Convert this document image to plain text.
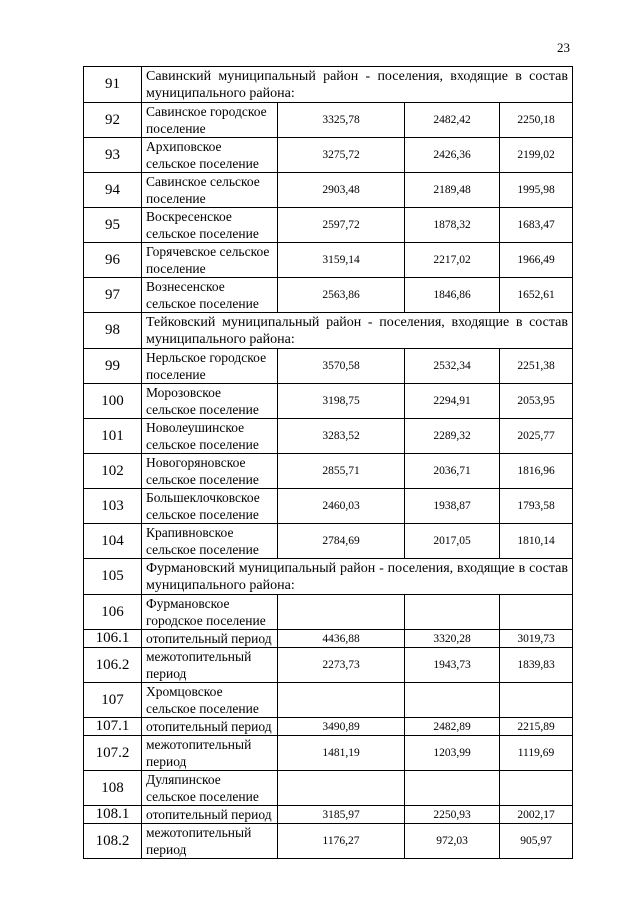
23
91	Савинский муниципальный район - поселения, входящие в состав муниципального района:			
92	Савинское городское поселение	3325,78	2482,42	2250,18
93	Архиповское сельское поселение	3275,72	2426,36	2199,02
94	Савинское сельское поселение	2903,48	2189,48	1995,98
95	Воскресенское сельское поселение	2597,72	1878,32	1683,47
96	Горячевское сельское поселение	3159,14	2217,02	1966,49
97	Вознесенское сельское поселение	2563,86	1846,86	1652,61
98	Тейковский муниципальный район - поселения, входящие в состав муниципального района:			
99	Нерльское городское поселение	3570,58	2532,34	2251,38
100	Морозовское сельское поселение	3198,75	2294,91	2053,95
101	Новолеушинское сельское поселение	3283,52	2289,32	2025,77
102	Новогоряновское сельское поселение	2855,71	2036,71	1816,96
103	Большеклочковское сельское поселение	2460,03	1938,87	1793,58
104	Крапивновское сельское поселение	2784,69	2017,05	1810,14
105	Фурмановский муниципальный район - поселения, входящие в состав муниципального района:			
106	Фурмановское городское поселение			
106.1	отопительный период	4436,88	3320,28	3019,73
106.2	межотопительный период	2273,73	1943,73	1839,83
107	Хромцовское сельское поселение			
107.1	отопительный период	3490,89	2482,89	2215,89
107.2	межотопительный период	1481,19	1203,99	1119,69
108	Дуляпинское сельское поселение			
108.1	отопительный период	3185,97	2250,93	2002,17
108.2	межотопительный период	1176,27	972,03	905,97
